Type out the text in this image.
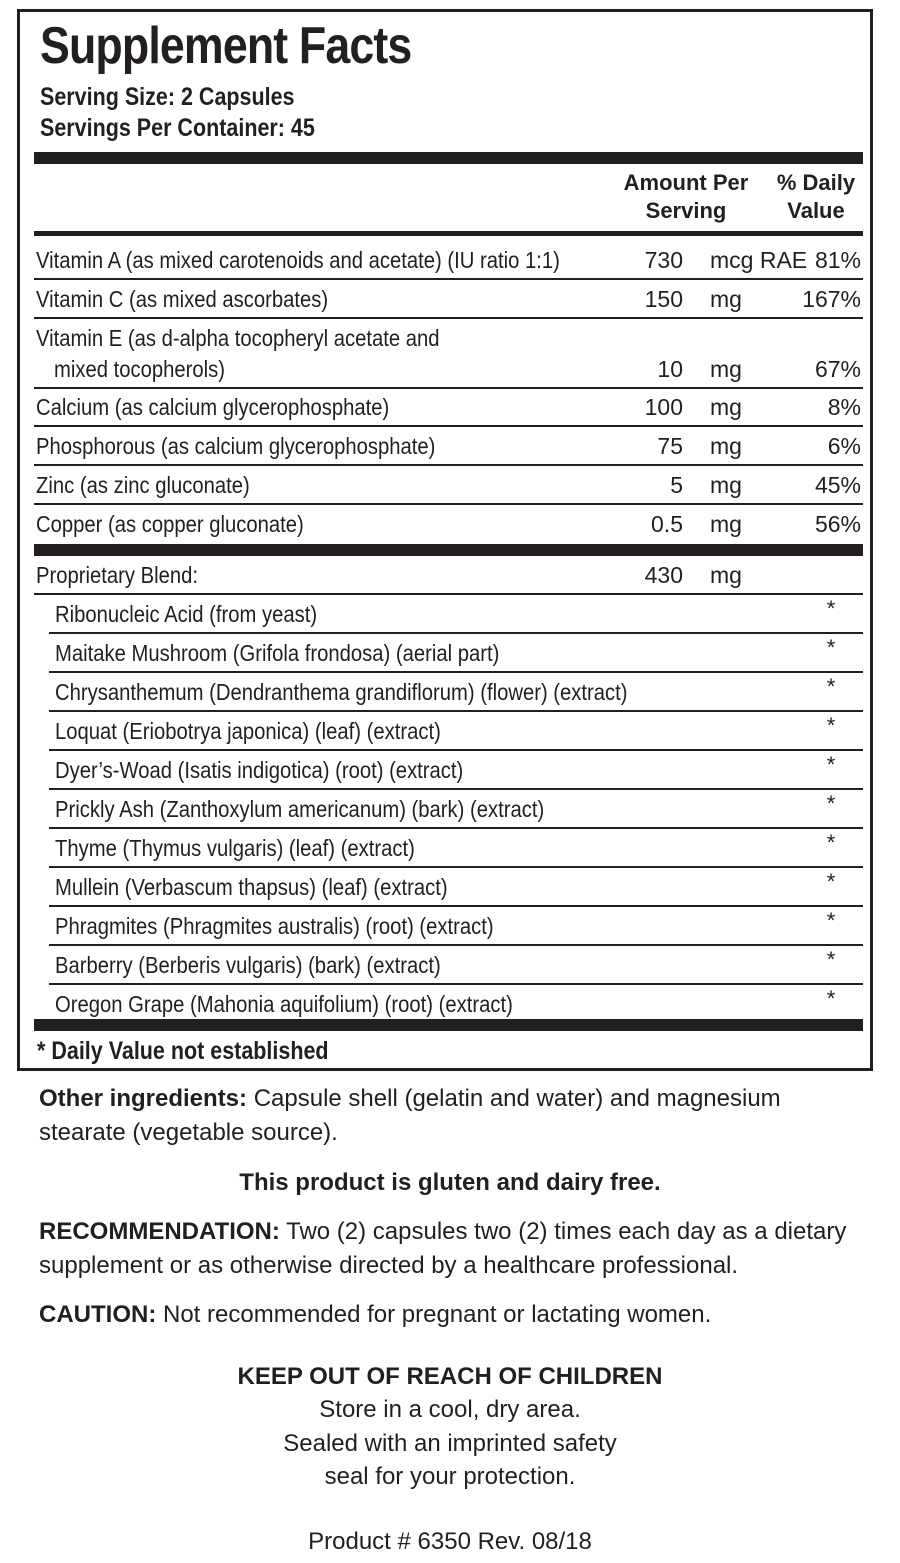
Supplement Facts
Serving Size: 2 Capsules
Servings Per Container: 45
Amount Per
Serving
% Daily
Value
Vitamin A (as mixed carotenoids and acetate) (IU ratio 1:1)	730 mcg RAE 81%
Vitamin C (as mixed ascorbates)	150 mg	167%
Vitamin E (as d-alpha tocopheryl acetate and
mixed tocopherols)	10 mg	67%
Calcium (as calcium glycerophosphate)	100 mg	8%
Phosphorous (as calcium glycerophosphate)	75 mg	6%
Zinc (as zinc gluconate)	5 mg	45%
Copper (as copper gluconate)	0.5 mg	56%
Proprietary Blend:	430 mg
Ribonucleic Acid (from yeast)	*
Maitake Mushroom (Grifola frondosa) (aerial part)	*
Chrysanthemum (Dendranthema grandiflorum) (flower) (extract)	*
Loquat (Eriobotrya japonica) (leaf) (extract)	*
Dyer’s-Woad (Isatis indigotica) (root) (extract)	*
Prickly Ash (Zanthoxylum americanum) (bark) (extract)	*
Thyme (Thymus vulgaris) (leaf) (extract)	*
Mullein (Verbascum thapsus) (leaf) (extract)	*
Phragmites (Phragmites australis) (root) (extract)	*
Barberry (Berberis vulgaris) (bark) (extract)	*
Oregon Grape (Mahonia aquifolium) (root) (extract)	*
* Daily Value not established

Other ingredients: Capsule shell (gelatin and water) and magnesium stearate (vegetable source).

This product is gluten and dairy free.

RECOMMENDATION: Two (2) capsules two (2) times each day as a dietary supplement or as otherwise directed by a healthcare professional.

CAUTION: Not recommended for pregnant or lactating women.

KEEP OUT OF REACH OF CHILDREN
Store in a cool, dry area.
Sealed with an imprinted safety
seal for your protection.
Product # 6350 Rev. 08/18
